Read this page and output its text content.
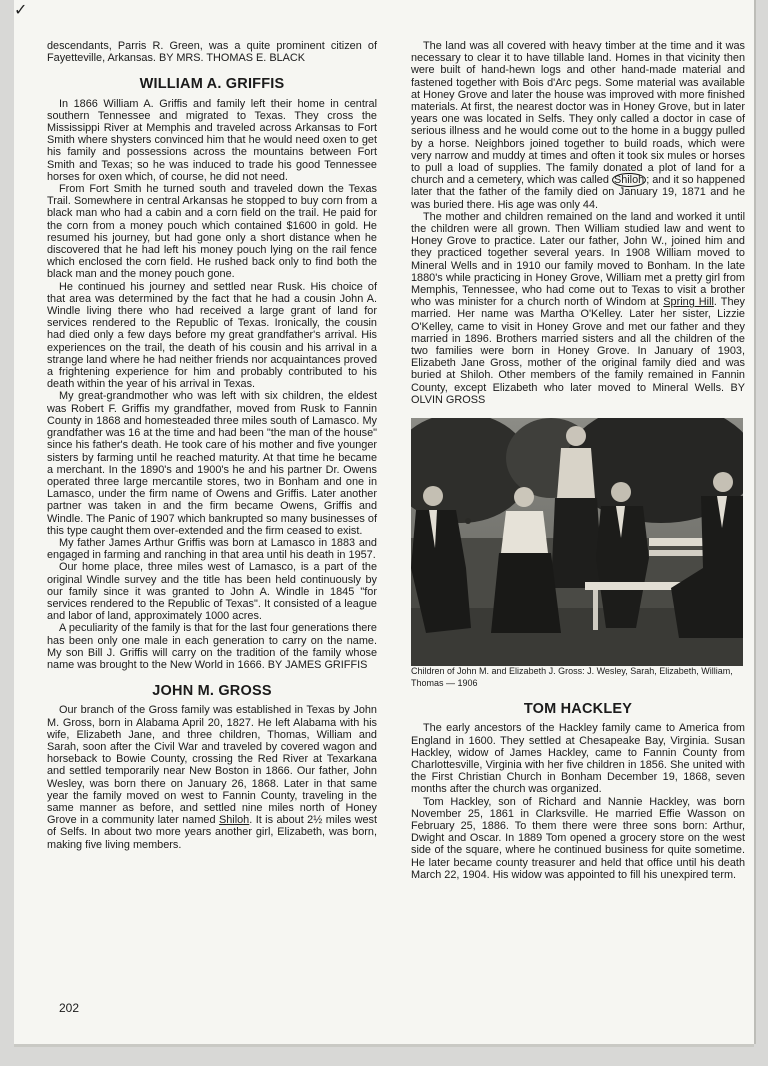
✓

descendants, Parris R. Green, was a quite prominent citizen of Fayetteville, Arkansas. BY MRS. THOMAS E. BLACK

WILLIAM A. GRIFFIS

In 1866 William A. Griffis and family left their home in central southern Tennessee and migrated to Texas. They cross the Mississippi River at Memphis and traveled across Arkansas to Fort Smith where shysters convinced him that he would need oxen to get his family and possessions across the mountains between Fort Smith and Texas; so he was induced to trade his good Tennessee horses for oxen which, of course, he did not need.

From Fort Smith he turned south and traveled down the Texas Trail. Somewhere in central Arkansas he stopped to buy corn from a black man who had a cabin and a corn field on the trail. He paid for the corn from a money pouch which contained $1600 in gold. He resumed his journey, but had gone only a short distance when he discovered that he had left his money pouch lying on the rail fence which enclosed the corn field. He rushed back only to find both the black man and the money pouch gone.

He continued his journey and settled near Rusk. His choice of that area was determined by the fact that he had a cousin John A. Windle living there who had received a large grant of land for services rendered to the Republic of Texas. Ironically, the cousin had died only a few days before my great grandfather's arrival. His experiences on the trail, the death of his cousin and his arrival in a strange land where he had neither friends nor acquaintances proved a frightening experience for him and probably contributed to his death within the year of his arrival in Texas.

My great-grandmother who was left with six children, the eldest was Robert F. Griffis my grandfather, moved from Rusk to Fannin County in 1868 and homesteaded three miles south of Lamasco. My grandfather was 16 at the time and had been "the man of the house" since his father's death. He took care of his mother and five younger sisters by farming until he reached maturity. At that time he became a merchant. In the 1890's and 1900's he and his partner Dr. Owens operated three large mercantile stores, two in Bonham and one in Lamasco, under the firm name of Owens and Griffis. Later another partner was taken in and the firm became Owens, Griffis and Windle. The Panic of 1907 which bankrupted so many businesses of this type caught them over-extended and the firm ceased to exist.

My father James Arthur Griffis was born at Lamasco in 1883 and engaged in farming and ranching in that area until his death in 1957.

Our home place, three miles west of Lamasco, is a part of the original Windle survey and the title has been held continuously by our family since it was granted to John A. Windle in 1845 "for services rendered to the Republic of Texas". It consisted of a league and labor of land, approximately 1000 acres.

A peculiarity of the family is that for the last four generations there has been only one male in each generation to carry on the name. My son Bill J. Griffis will carry on the tradition of the family whose name was brought to the New World in 1666. BY JAMES GRIFFIS

JOHN M. GROSS

Our branch of the Gross family was established in Texas by John M. Gross, born in Alabama April 20, 1827. He left Alabama with his wife, Elizabeth Jane, and three children, Thomas, William and Sarah, soon after the Civil War and traveled by covered wagon and horseback to Bowie County, crossing the Red River at Texarkana and settled temporarily near New Boston in 1866. Our father, John Wesley, was born there on January 26, 1868. Later in that same year the family moved on west to Fannin County, traveling in the same manner as before, and settled nine miles north of Honey Grove in a community later named Shiloh. It is about 2½ miles west of Selfs. In about two more years another girl, Elizabeth, was born, making five living members.

The land was all covered with heavy timber at the time and it was necessary to clear it to have tillable land. Homes in that vicinity then were built of hand-hewn logs and other hand-made material and fastened together with Bois d'Arc pegs. Some material was available at Honey Grove and later the house was improved with more finished materials. At first, the nearest doctor was in Honey Grove, but in later years one was located in Selfs. They only called a doctor in case of serious illness and he would come out to the home in a buggy pulled by a horse. Neighbors joined together to build roads, which were very narrow and muddy at times and often it took six mules or horses to pull a load of supplies. The family donated a plot of land for a church and a cemetery, which was called Shiloh ; and it so happened later that the father of the family died on January 19, 1871 and he was buried there. His age was only 44.

The mother and children remained on the land and worked it until the children were all grown. Then William studied law and went to Honey Grove to practice. Later our father, John W., joined him and they practiced together several years. In 1908 William moved to Mineral Wells and in 1910 our family moved to Bonham. In the late 1880's while practicing in Honey Grove, William met a pretty girl from Memphis, Tennessee, who had come out to Texas to visit a brother who was minister for a church north of Windom at Spring Hill. They married. Her name was Martha O'Kelley. Later her sister, Lizzie O'Kelley, came to visit in Honey Grove and met our father and they married in 1896. Brothers married sisters and all the children of the two families were born in Honey Grove. In January of 1903, Elizabeth Jane Gross, mother of the original family died and was buried at Shiloh. Other members of the family remained in Fannin County, except Elizabeth who later moved to Mineral Wells. BY OLVIN GROSS

Children of John M. and Elizabeth J. Gross: J. Wesley, Sarah, Elizabeth, William, Thomas — 1906

TOM HACKLEY

The early ancestors of the Hackley family came to America from England in 1600. They settled at Chesapeake Bay, Virginia. Susan Hackley, widow of James Hackley, came to Fannin County from Charlottesville, Virginia with her five children in 1856. She united with the First Christian Church in Bonham December 19, 1868, seven months after the church was organized.

Tom Hackley, son of Richard and Nannie Hackley, was born November 25, 1861 in Clarksville. He married Effie Wasson on February 25, 1886. To them there were three sons born: Arthur, Dwight and Oscar. In 1889 Tom opened a grocery store on the west side of the square, where he continued business for quite sometime. He later became county treasurer and held that office until his death March 22, 1904. His widow was appointed to fill his unexpired term.

202
